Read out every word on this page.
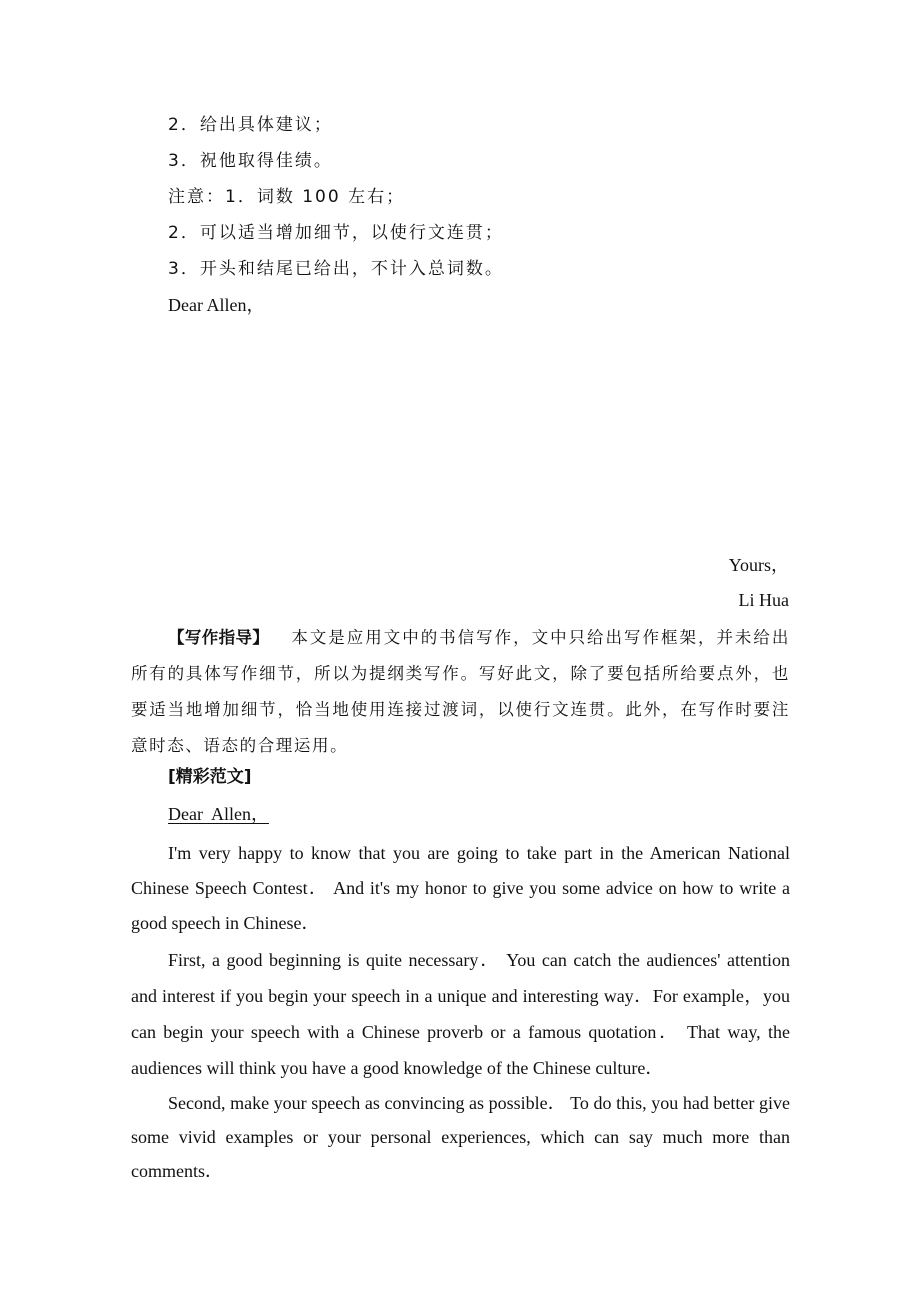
2．给出具体建议；
3．祝他取得佳绩。
注意：1．词数 100 左右；
2．可以适当增加细节，以使行文连贯；
3．开头和结尾已给出，不计入总词数。
Dear Allen，
Yours，
Li Hua
【写作指导】 本文是应用文中的书信写作，文中只给出写作框架，并未给出所有的具体写作细节，所以为提纲类写作。写好此文，除了要包括所给要点外，也要适当地增加细节，恰当地使用连接过渡词，以使行文连贯。此外，在写作时要注意时态、语态的合理运用。
[精彩范文]
Dear  Allen，
I'm very happy to know that you are going to take part in the American National Chinese Speech Contest． And it's my honor to give you some advice on how to write a good speech in Chinese．
First, a good beginning is quite necessary． You can catch the audiences' attention and interest if you begin your speech in a unique and interesting way．For example，you can begin your speech with a Chinese proverb or a famous quotation． That way, the audiences will think you have a good knowledge of the Chinese culture．
Second, make your speech as convincing as possible． To do this, you had better give some vivid examples or your personal experiences, which can say much more than comments．
